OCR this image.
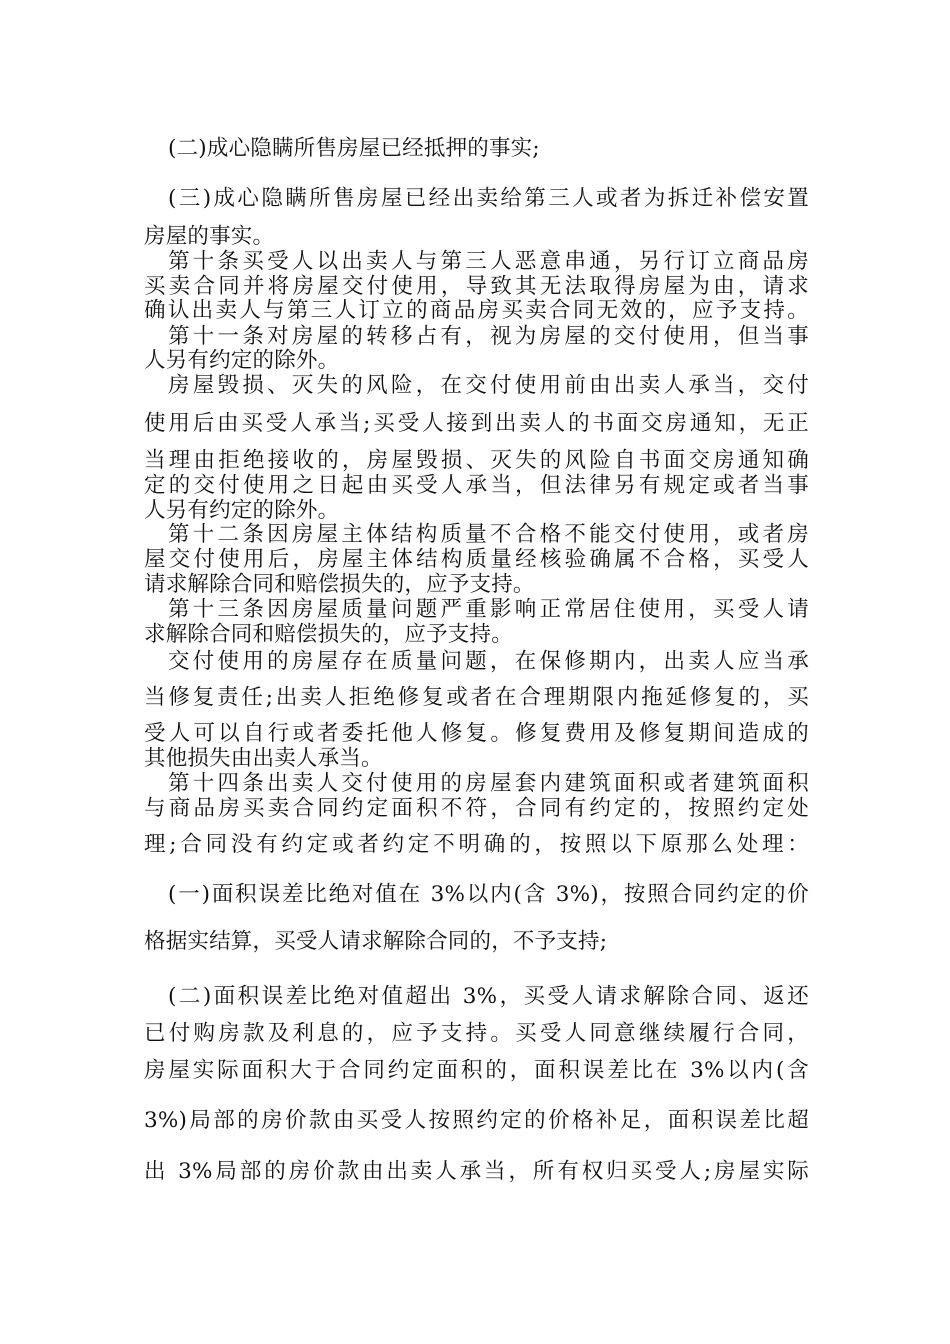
(二)成心隐瞒所售房屋已经抵押的事实;
(三)成心隐瞒所售房屋已经出卖给第三人或者为拆迁补偿安置
房屋的事实。
第十条买受人以出卖人与第三人恶意串通，另行订立商品房
买卖合同并将房屋交付使用，导致其无法取得房屋为由，请求
确认出卖人与第三人订立的商品房买卖合同无效的，应予支持。
第十一条对房屋的转移占有，视为房屋的交付使用，但当事
人另有约定的除外。
房屋毁损、灭失的风险，在交付使用前由出卖人承当，交付
使用后由买受人承当;买受人接到出卖人的书面交房通知，无正
当理由拒绝接收的，房屋毁损、灭失的风险自书面交房通知确
定的交付使用之日起由买受人承当，但法律另有规定或者当事
人另有约定的除外。
第十二条因房屋主体结构质量不合格不能交付使用，或者房
屋交付使用后，房屋主体结构质量经核验确属不合格，买受人
请求解除合同和赔偿损失的，应予支持。
第十三条因房屋质量问题严重影响正常居住使用，买受人请
求解除合同和赔偿损失的，应予支持。
交付使用的房屋存在质量问题，在保修期内，出卖人应当承
当修复责任;出卖人拒绝修复或者在合理期限内拖延修复的，买
受人可以自行或者委托他人修复。修复费用及修复期间造成的
其他损失由出卖人承当。
第十四条出卖人交付使用的房屋套内建筑面积或者建筑面积
与商品房买卖合同约定面积不符，合同有约定的，按照约定处
理;合同没有约定或者约定不明确的，按照以下原那么处理：
(一)面积误差比绝对值在 3%以内(含 3%)，按照合同约定的价
格据实结算，买受人请求解除合同的，不予支持;
(二)面积误差比绝对值超出 3%，买受人请求解除合同、返还
已付购房款及利息的，应予支持。买受人同意继续履行合同，
房屋实际面积大于合同约定面积的，面积误差比在 3%以内(含
3%)局部的房价款由买受人按照约定的价格补足，面积误差比超
出 3%局部的房价款由出卖人承当，所有权归买受人;房屋实际
